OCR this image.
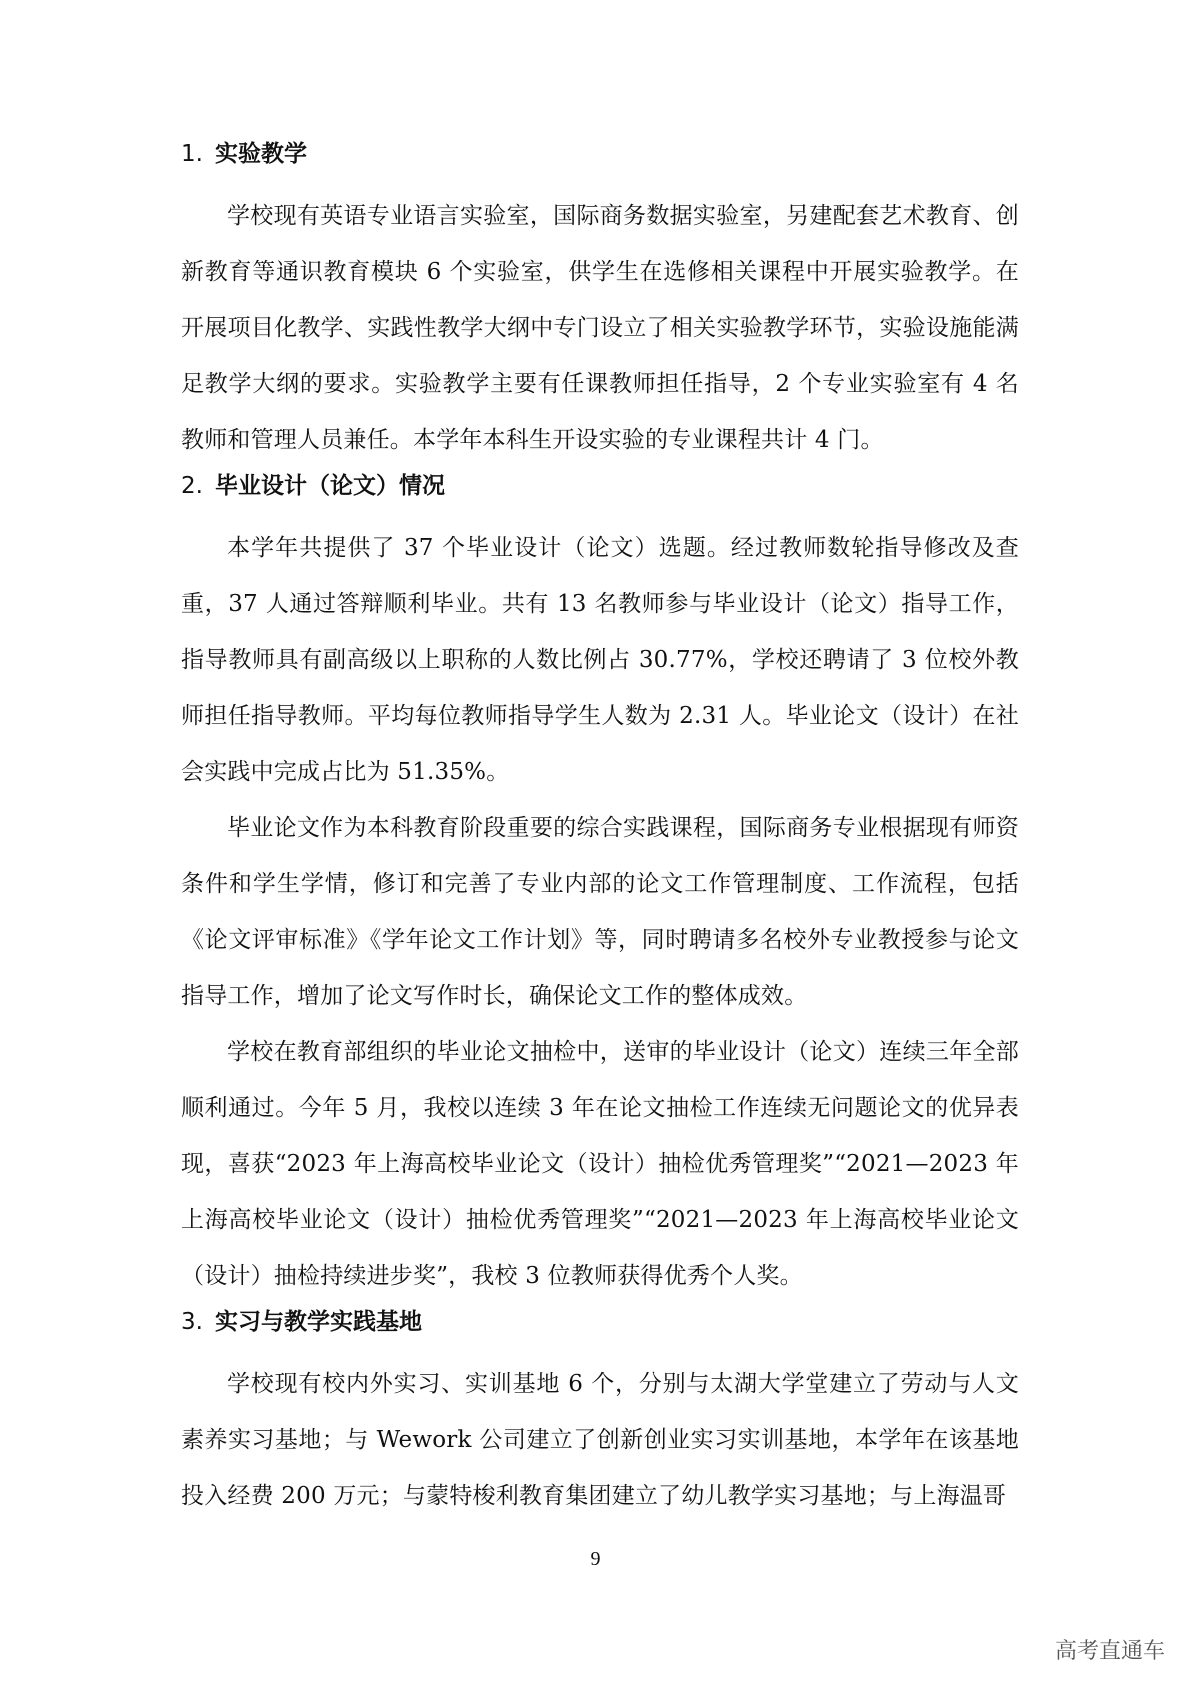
1. 实验教学

学校现有英语专业语言实验室，国际商务数据实验室，另建配套艺术教育、创新教育等通识教育模块 6 个实验室，供学生在选修相关课程中开展实验教学。在开展项目化教学、实践性教学大纲中专门设立了相关实验教学环节，实验设施能满足教学大纲的要求。实验教学主要有任课教师担任指导，2 个专业实验室有 4 名教师和管理人员兼任。本学年本科生开设实验的专业课程共计 4 门。

2. 毕业设计（论文）情况

本学年共提供了 37 个毕业设计（论文）选题。经过教师数轮指导修改及查重，37 人通过答辩顺利毕业。共有 13 名教师参与毕业设计（论文）指导工作，指导教师具有副高级以上职称的人数比例占 30.77%，学校还聘请了 3 位校外教师担任指导教师。平均每位教师指导学生人数为 2.31 人。毕业论文（设计）在社会实践中完成占比为 51.35%。

毕业论文作为本科教育阶段重要的综合实践课程，国际商务专业根据现有师资条件和学生学情，修订和完善了专业内部的论文工作管理制度、工作流程，包括《论文评审标准》《学年论文工作计划》等，同时聘请多名校外专业教授参与论文指导工作，增加了论文写作时长，确保论文工作的整体成效。

学校在教育部组织的毕业论文抽检中，送审的毕业设计（论文）连续三年全部顺利通过。今年 5 月，我校以连续 3 年在论文抽检工作连续无问题论文的优异表现，喜获“2023 年上海高校毕业论文（设计）抽检优秀管理奖”“2021—2023 年上海高校毕业论文（设计）抽检优秀管理奖”“2021—2023 年上海高校毕业论文（设计）抽检持续进步奖”，我校 3 位教师获得优秀个人奖。

3. 实习与教学实践基地

学校现有校内外实习、实训基地 6 个，分别与太湖大学堂建立了劳动与人文素养实习基地；与 Wework 公司建立了创新创业实习实训基地，本学年在该基地投入经费 200 万元；与蒙特梭利教育集团建立了幼儿教学实习基地；与上海温哥

9
高考直通车
